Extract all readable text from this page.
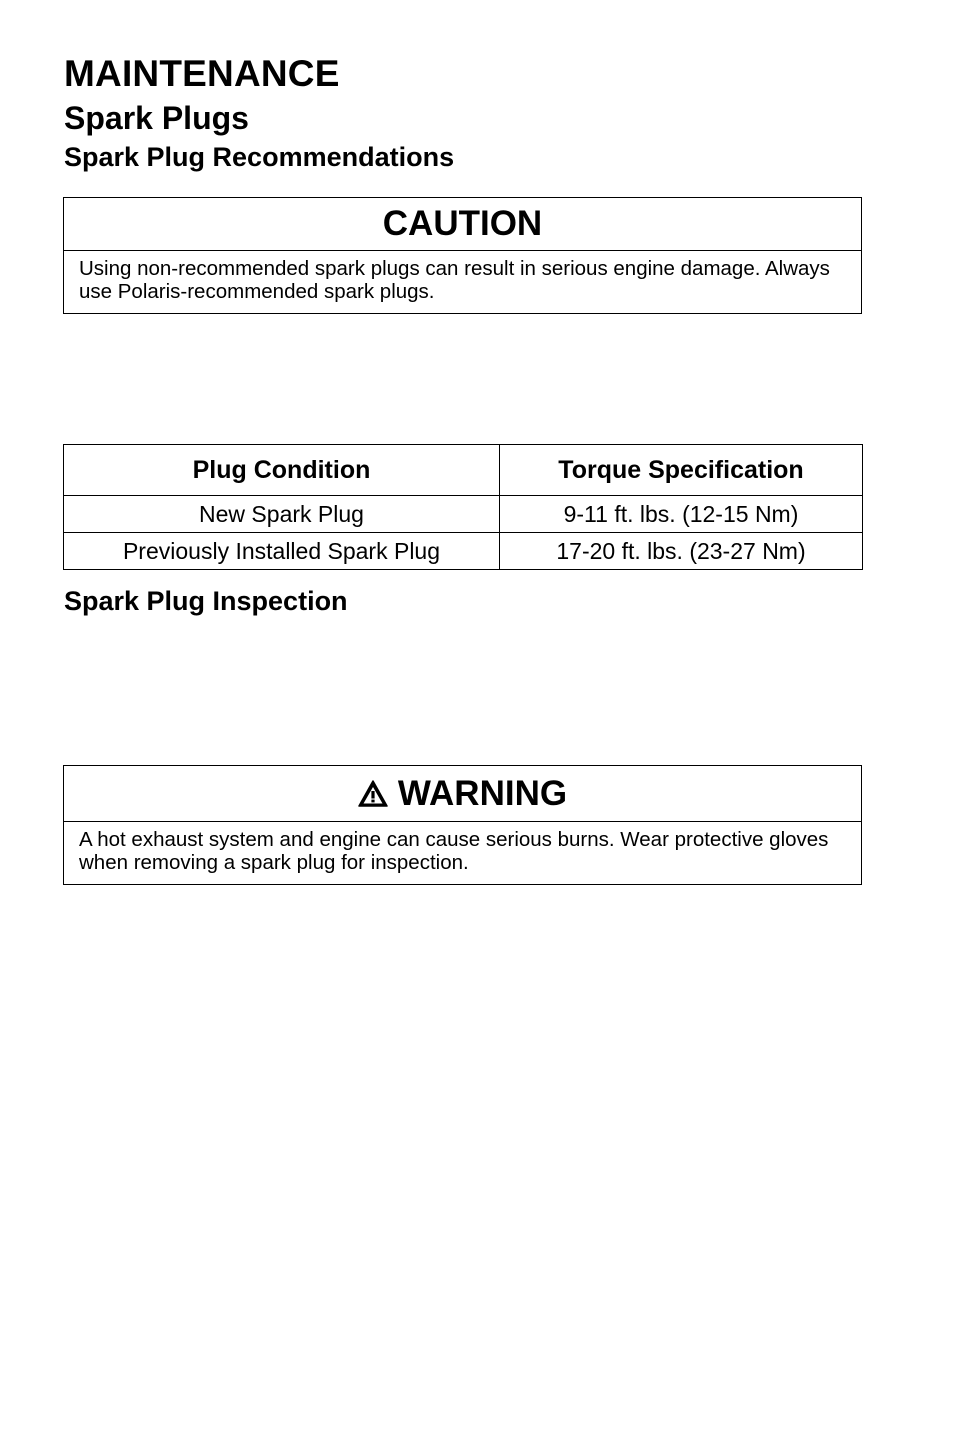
MAINTENANCE
Spark Plugs
Spark Plug Recommendations
CAUTION
Using non-recommended spark plugs can result in serious engine damage. Always use Polaris-recommended spark plugs.
Plug Condition	Torque Specification
New Spark Plug	9-11 ft. lbs. (12-15 Nm)
Previously Installed Spark Plug	17-20 ft. lbs. (23-27 Nm)
Spark Plug Inspection
WARNING
A hot exhaust system and engine can cause serious burns. Wear protective gloves when removing a spark plug for inspection.
